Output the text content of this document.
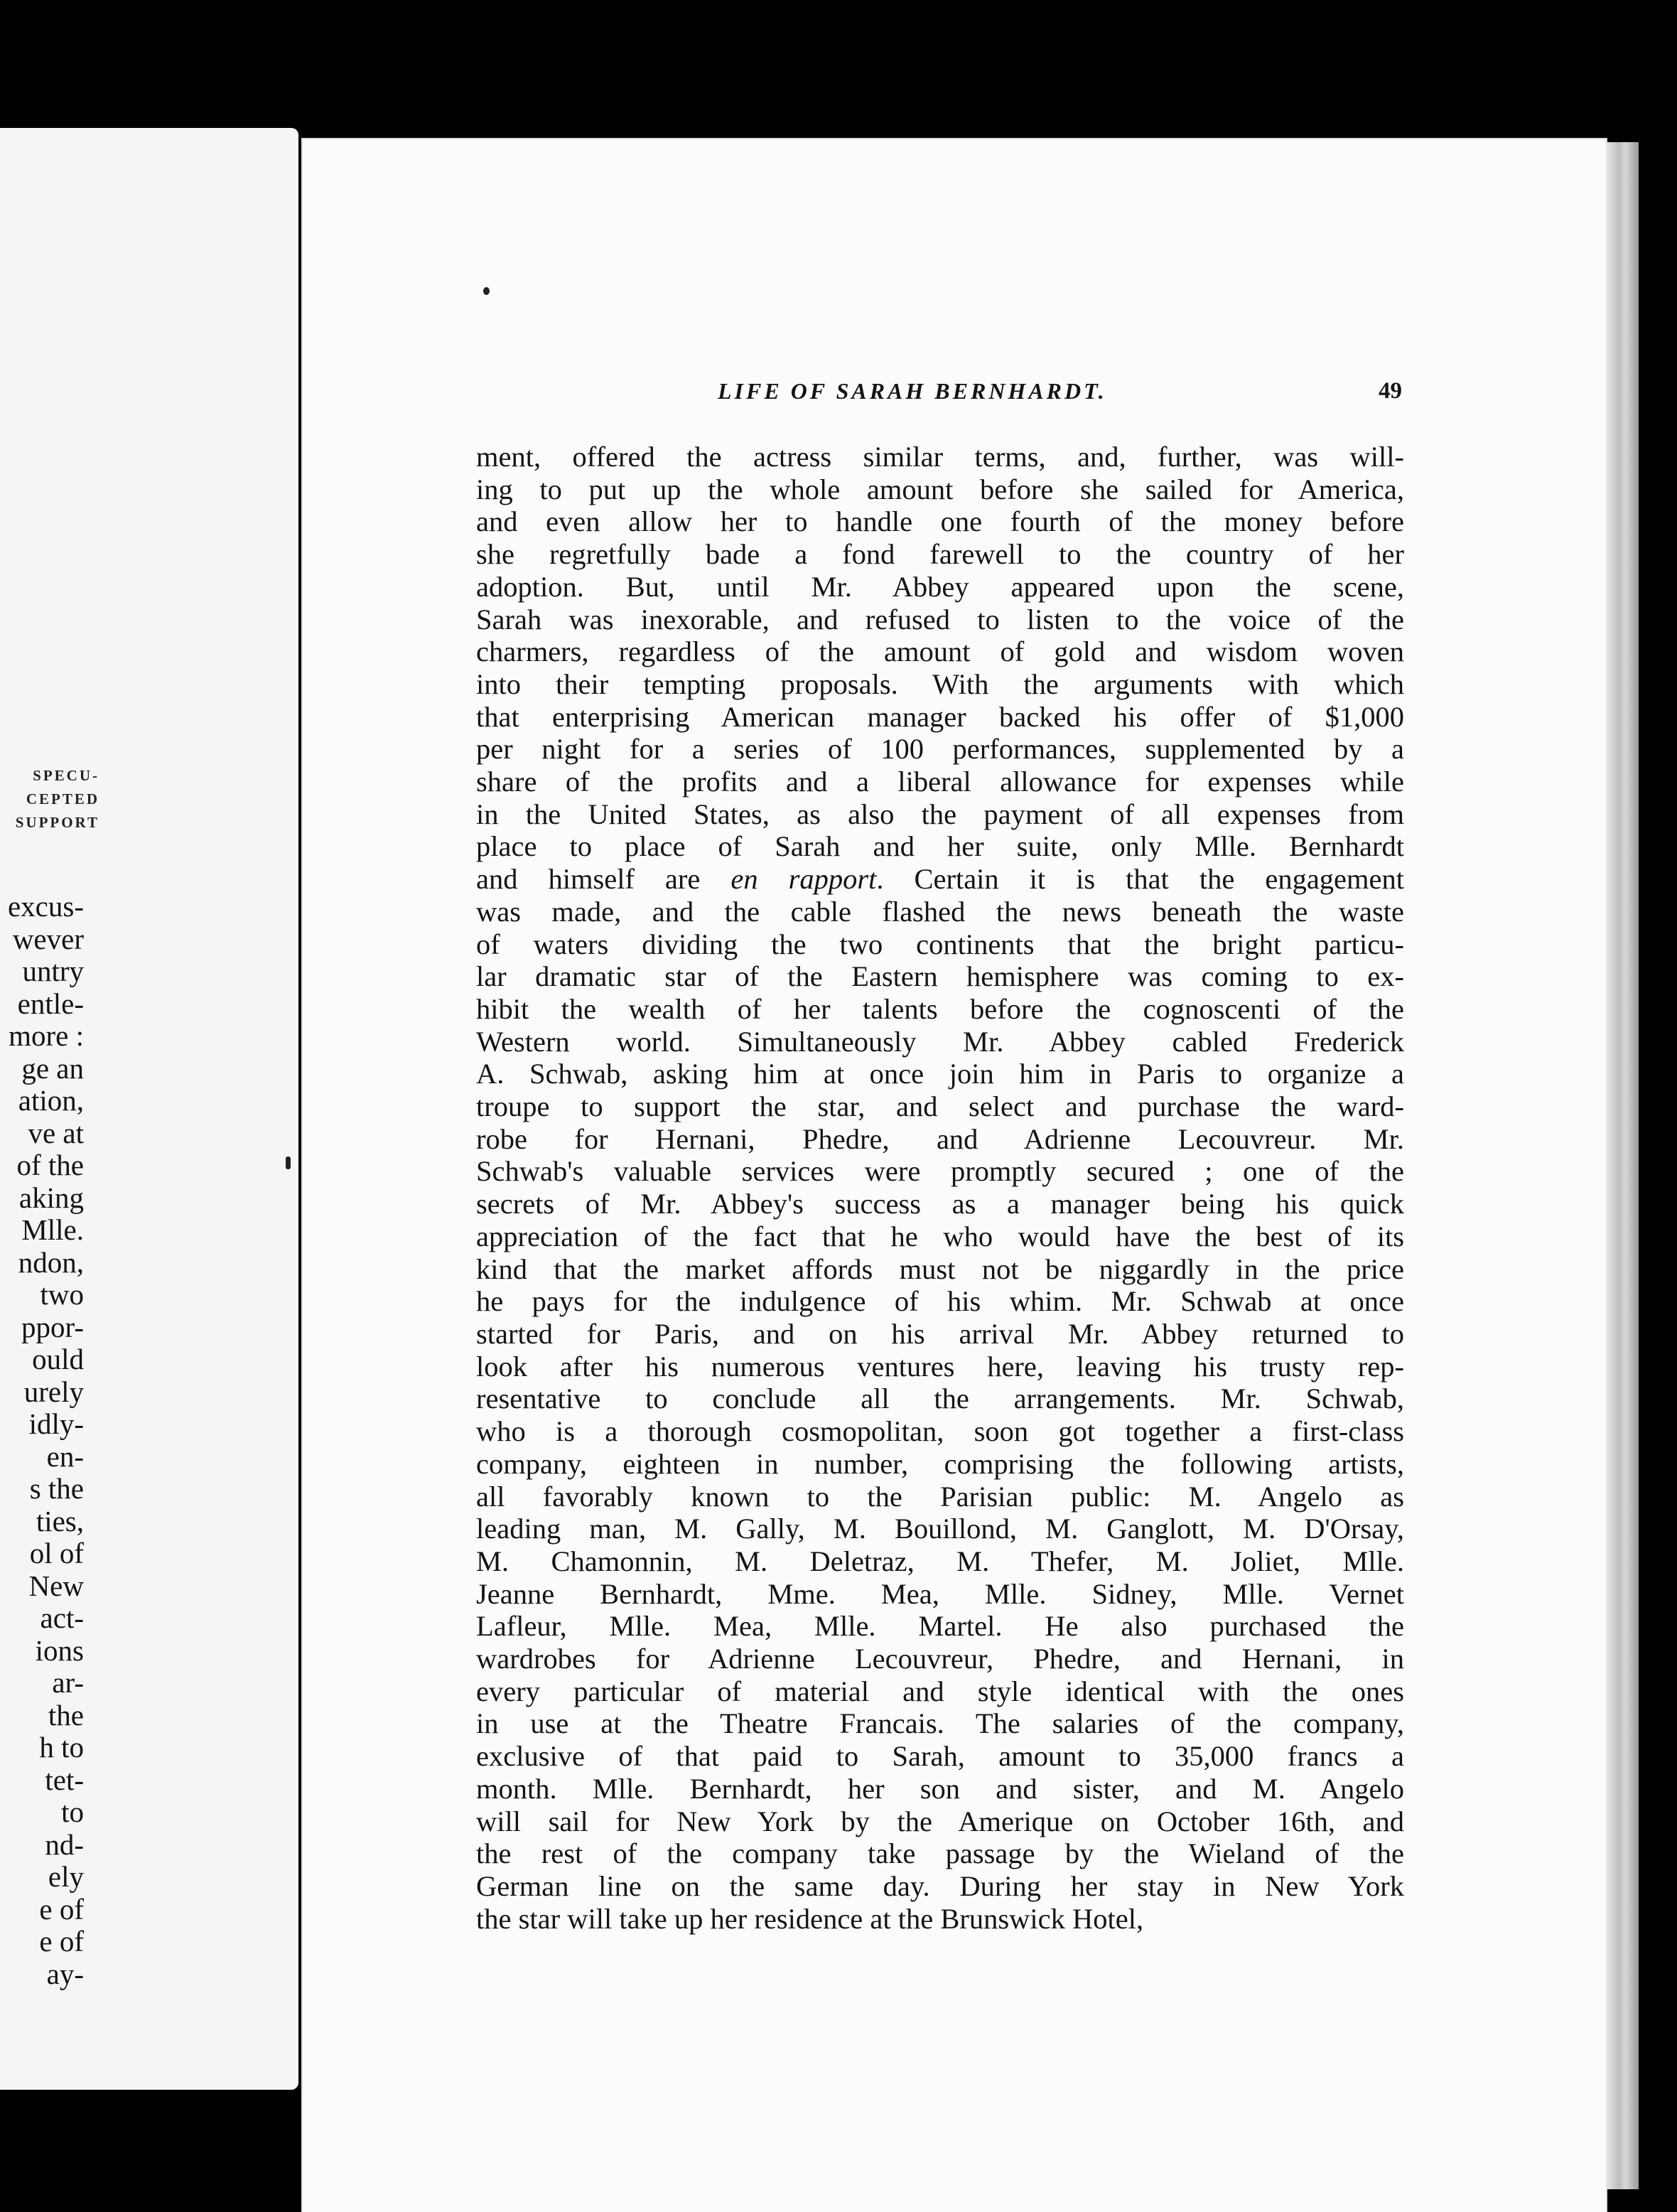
SPECU-
CEPTED
SUPPORT
excus-
wever
untry
entle-
more :
ge an
ation,
ve at
of the
aking
Mlle.
ndon,
two
ppor-
ould
urely
idly-
en-
s the
ties,
ol of
New
act-
ions
ar-
the
h to
tet-
to
nd-
ely
e of
e of
ay-
LIFE OF SARAH BERNHARDT.	49
ment, offered the actress similar terms, and, further, was will-
ing to put up the whole amount before she sailed for America,
and even allow her to handle one fourth of the money before
she regretfully bade a fond farewell to the country of her
adoption. But, until Mr. Abbey appeared upon the scene,
Sarah was inexorable, and refused to listen to the voice of the
charmers, regardless of the amount of gold and wisdom woven
into their tempting proposals. With the arguments with which
that enterprising American manager backed his offer of $1,000
per night for a series of 100 performances, supplemented by a
share of the profits and a liberal allowance for expenses while
in the United States, as also the payment of all expenses from
place to place of Sarah and her suite, only Mlle. Bernhardt
and himself are en rapport. Certain it is that the engagement
was made, and the cable flashed the news beneath the waste
of waters dividing the two continents that the bright particu-
lar dramatic star of the Eastern hemisphere was coming to ex-
hibit the wealth of her talents before the cognoscenti of the
Western world. Simultaneously Mr. Abbey cabled Frederick
A. Schwab, asking him at once join him in Paris to organize a
troupe to support the star, and select and purchase the ward-
robe for Hernani, Phedre, and Adrienne Lecouvreur. Mr.
Schwab's valuable services were promptly secured ; one of the
secrets of Mr. Abbey's success as a manager being his quick
appreciation of the fact that he who would have the best of its
kind that the market affords must not be niggardly in the price
he pays for the indulgence of his whim. Mr. Schwab at once
started for Paris, and on his arrival Mr. Abbey returned to
look after his numerous ventures here, leaving his trusty rep-
resentative to conclude all the arrangements. Mr. Schwab,
who is a thorough cosmopolitan, soon got together a first-class
company, eighteen in number, comprising the following artists,
all favorably known to the Parisian public: M. Angelo as
leading man, M. Gally, M. Bouillond, M. Ganglott, M. D'Orsay,
M. Chamonnin, M. Deletraz, M. Thefer, M. Joliet, Mlle.
Jeanne Bernhardt, Mme. Mea, Mlle. Sidney, Mlle. Vernet
Lafleur, Mlle. Mea, Mlle. Martel. He also purchased the
wardrobes for Adrienne Lecouvreur, Phedre, and Hernani, in
every particular of material and style identical with the ones
in use at the Theatre Francais. The salaries of the company,
exclusive of that paid to Sarah, amount to 35,000 francs a
month. Mlle. Bernhardt, her son and sister, and M. Angelo
will sail for New York by the Amerique on October 16th, and
the rest of the company take passage by the Wieland of the
German line on the same day. During her stay in New York
the star will take up her residence at the Brunswick Hotel,
